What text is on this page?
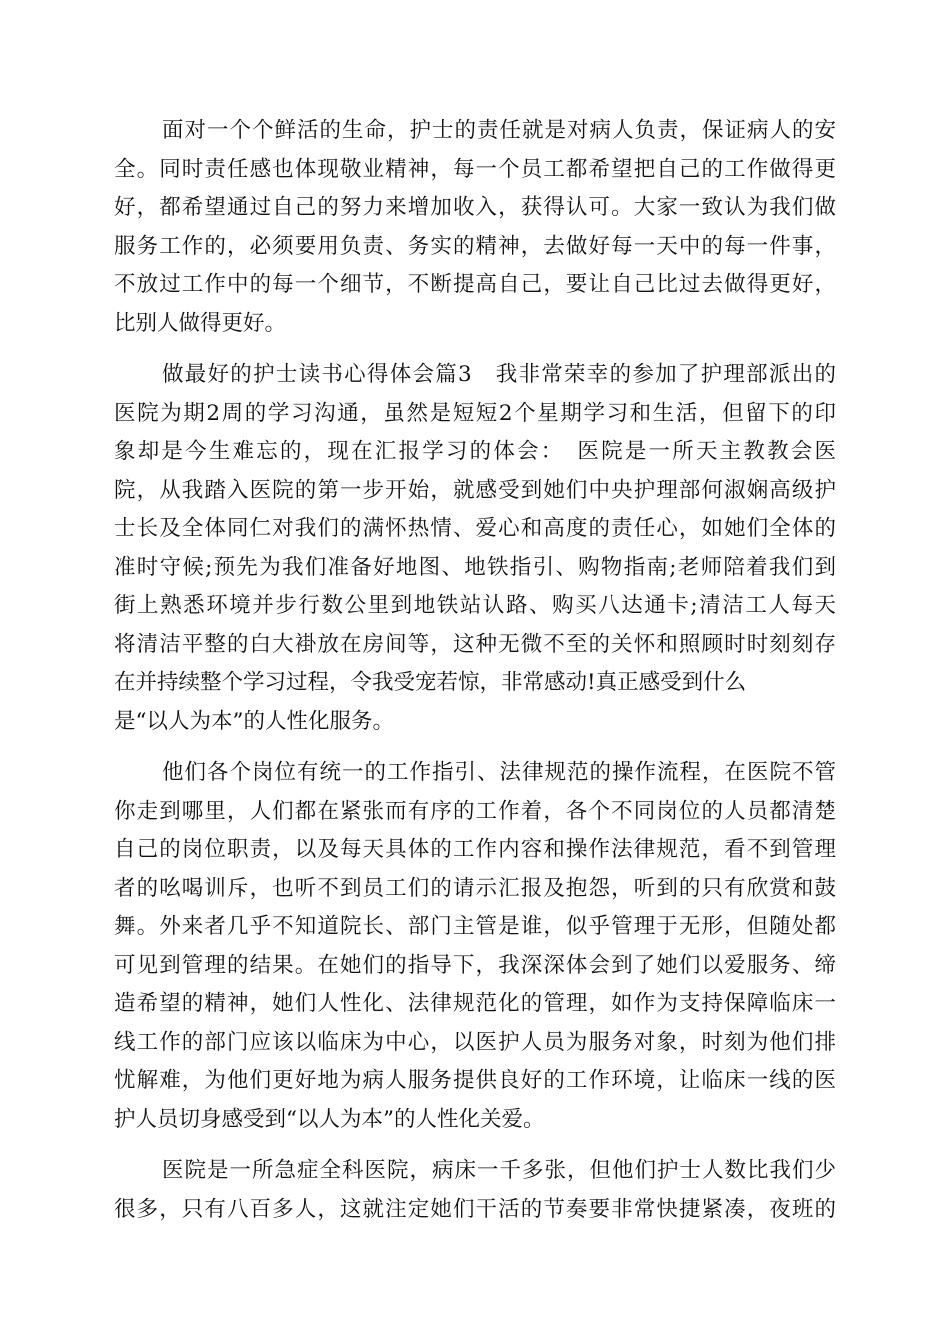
面对一个个鲜活的生命，护士的责任就是对病人负责，保证病人的安
全。同时责任感也体现敬业精神，每一个员工都希望把自己的工作做得更
好，都希望通过自己的努力来增加收入，获得认可。大家一致认为我们做
服务工作的，必须要用负责、务实的精神，去做好每一天中的每一件事，
不放过工作中的每一个细节，不断提高自己，要让自己比过去做得更好，
比别人做得更好。
做最好的护士读书心得体会篇3　我非常荣幸的参加了护理部派出的
医院为期2周的学习沟通，虽然是短短2个星期学习和生活，但留下的印
象却是今生难忘的，现在汇报学习的体会：　医院是一所天主教教会医
院，从我踏入医院的第一步开始，就感受到她们中央护理部何淑娴高级护
士长及全体同仁对我们的满怀热情、爱心和高度的责任心，如她们全体的
准时守候;预先为我们准备好地图、地铁指引、购物指南;老师陪着我们到
街上熟悉环境并步行数公里到地铁站认路、购买八达通卡;清洁工人每天
将清洁平整的白大褂放在房间等，这种无微不至的关怀和照顾时时刻刻存
在并持续整个学习过程，令我受宠若惊，非常感动!真正感受到什么
是“以人为本”的人性化服务。
他们各个岗位有统一的工作指引、法律规范的操作流程，在医院不管
你走到哪里，人们都在紧张而有序的工作着，各个不同岗位的人员都清楚
自己的岗位职责，以及每天具体的工作内容和操作法律规范，看不到管理
者的吆喝训斥，也听不到员工们的请示汇报及抱怨，听到的只有欣赏和鼓
舞。外来者几乎不知道院长、部门主管是谁，似乎管理于无形，但随处都
可见到管理的结果。在她们的指导下，我深深体会到了她们以爱服务、缔
造希望的精神，她们人性化、法律规范化的管理，如作为支持保障临床一
线工作的部门应该以临床为中心，以医护人员为服务对象，时刻为他们排
忧解难，为他们更好地为病人服务提供良好的工作环境，让临床一线的医
护人员切身感受到“以人为本”的人性化关爱。
医院是一所急症全科医院，病床一千多张，但他们护士人数比我们少
很多，只有八百多人，这就注定她们干活的节奏要非常快捷紧凑，夜班的
